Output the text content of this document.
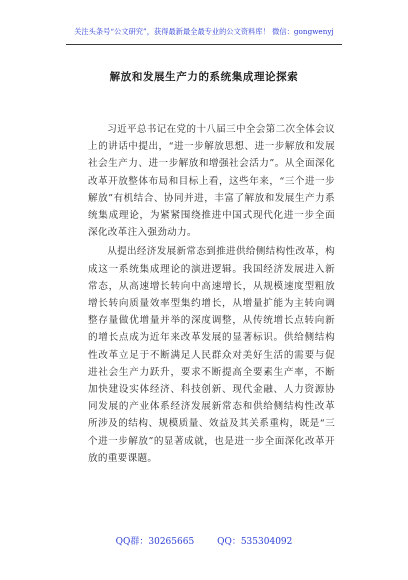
关注头条号“公文研究”，获得最新最全最专业的公文资料库！ 微信：gongwenyj
解放和发展生产力的系统集成理论探索

习近平总书记在党的十八届三中全会第二次全体会议上的讲话中提出，“进一步解放思想、进一步解放和发展社会生产力、进一步解放和增强社会活力”。从全面深化改革开放整体布局和目标上看，这些年来，“三个进一步解放”有机结合、协同并进，丰富了解放和发展生产力系统集成理论，为紧紧围绕推进中国式现代化进一步全面深化改革注入强劲动力。

从提出经济发展新常态到推进供给侧结构性改革，构成这一系统集成理论的演进逻辑。我国经济发展进入新常态，从高速增长转向中高速增长，从规模速度型粗放增长转向质量效率型集约增长，从增量扩能为主转向调整存量做优增量并举的深度调整，从传统增长点转向新的增长点成为近年来改革发展的显著标识。供给侧结构性改革立足于不断满足人民群众对美好生活的需要与促进社会生产力跃升，要求不断提高全要素生产率，不断加快建设实体经济、科技创新、现代金融、人力资源协同发展的产业体系经济发展新常态和供给侧结构性改革所涉及的结构、规模质量、效益及其关系重构，既是“三个进一步解放”的显著成就，也是进一步全面深化改革开放的重要课题。

QQ群：30265665	QQ：535304092
